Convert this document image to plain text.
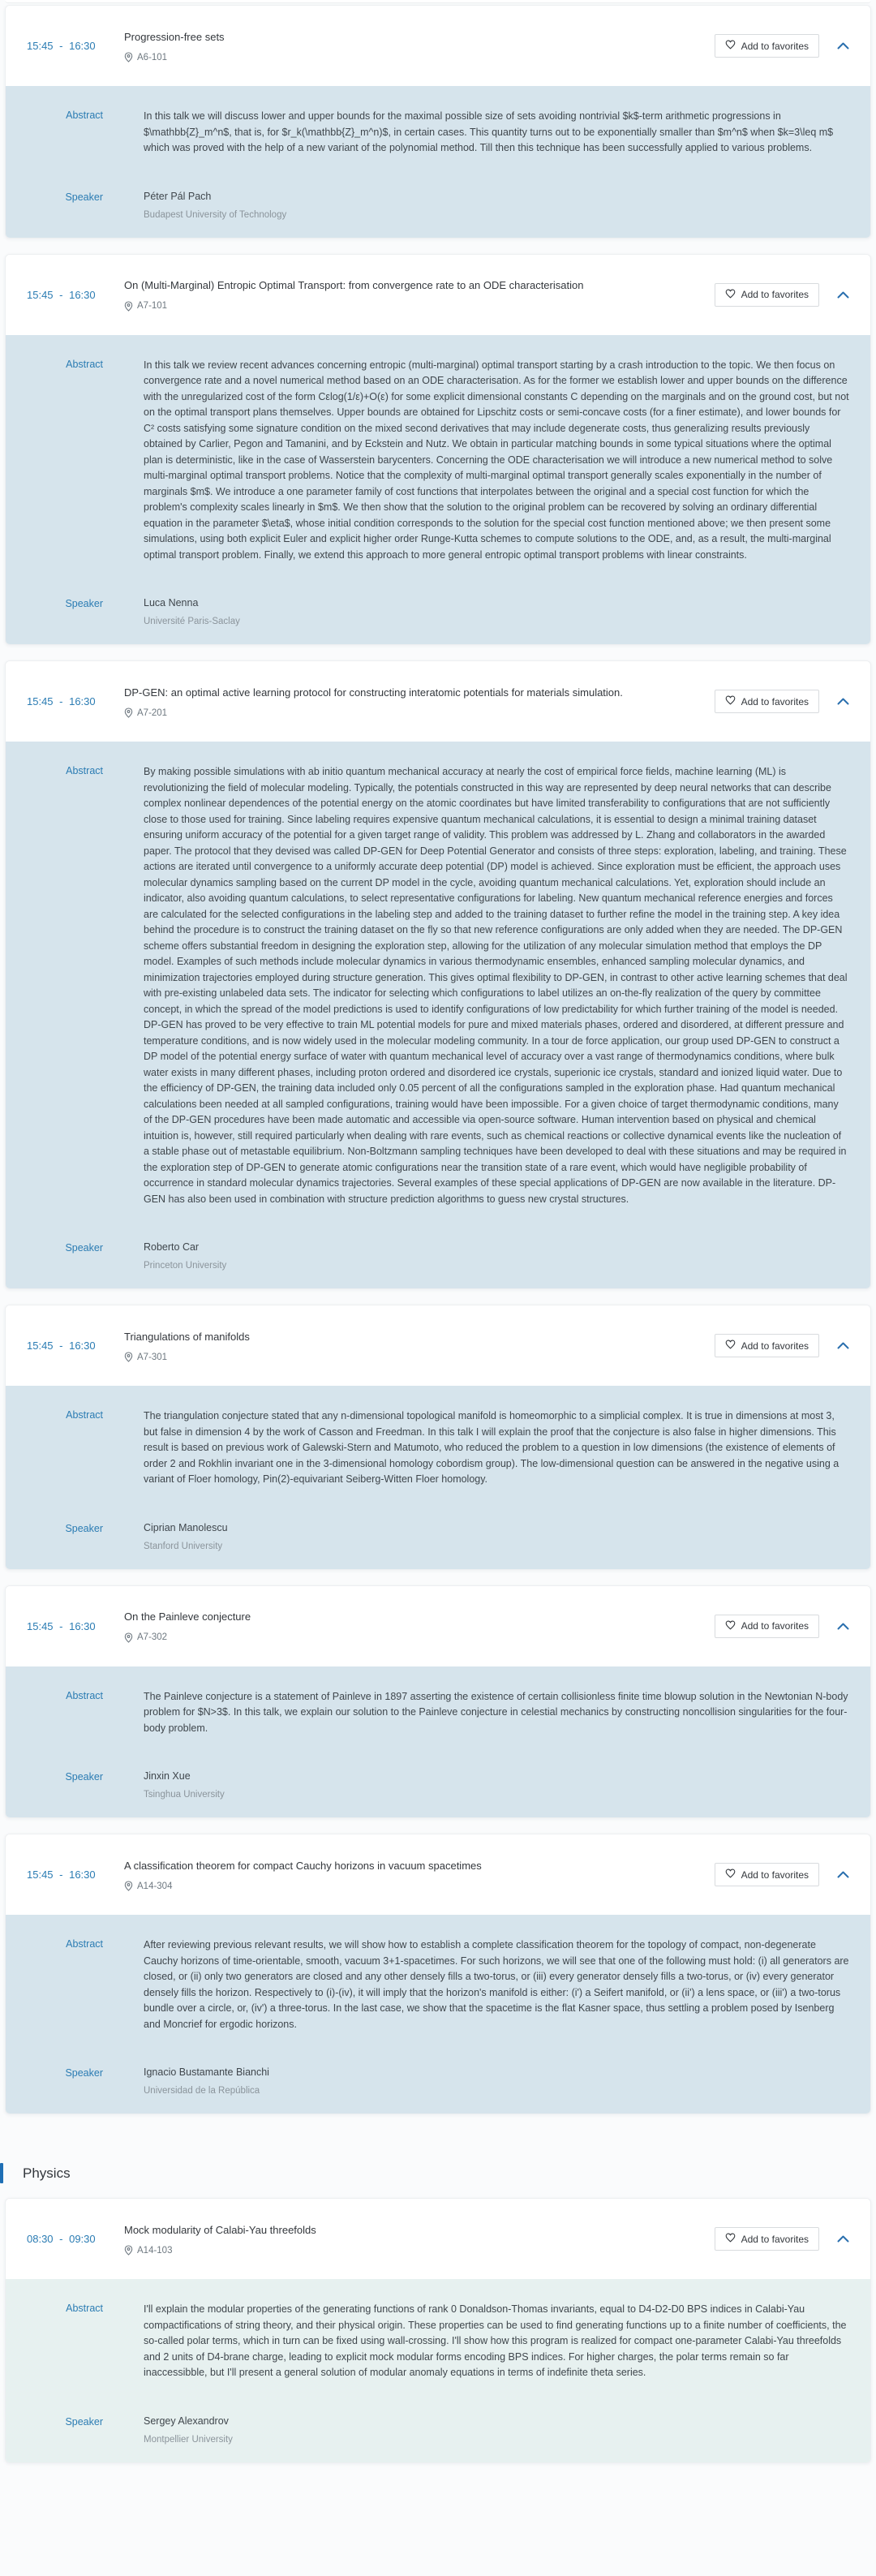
15:45 - 16:30
Progression-free sets
A6-101
Add to favorites
Abstract	In this talk we will discuss lower and upper bounds for the maximal possible size of sets avoiding nontrivial $k$-term arithmetic progressions in $\mathbb{Z}_m^n$, that is, for $r_k(\mathbb{Z}_m^n)$, in certain cases. This quantity turns out to be exponentially smaller than $m^n$ when $k=3\leq m$ which was proved with the help of a new variant of the polynomial method. Till then this technique has been successfully applied to various problems.
Speaker	Péter Pál Pach
Budapest University of Technology
15:45 - 16:30
On (Multi-Marginal) Entropic Optimal Transport: from convergence rate to an ODE characterisation
A7-101
Add to favorites
Abstract	In this talk we review recent advances concerning entropic (multi-marginal) optimal transport starting by a crash introduction to the topic. We then focus on convergence rate and a novel numerical method based on an ODE characterisation. As for the former we establish lower and upper bounds on the difference with the unregularized cost of the form Cεlog(1/ε)+O(ε) for some explicit dimensional constants C depending on the marginals and on the ground cost, but not on the optimal transport plans themselves. Upper bounds are obtained for Lipschitz costs or semi-concave costs (for a finer estimate), and lower bounds for C² costs satisfying some signature condition on the mixed second derivatives that may include degenerate costs, thus generalizing results previously obtained by Carlier, Pegon and Tamanini, and by Eckstein and Nutz. We obtain in particular matching bounds in some typical situations where the optimal plan is deterministic, like in the case of Wasserstein barycenters. Concerning the ODE characterisation we will introduce a new numerical method to solve multi-marginal optimal transport problems. Notice that the complexity of multi-marginal optimal transport generally scales exponentially in the number of marginals $m$. We introduce a one parameter family of cost functions that interpolates between the original and a special cost function for which the problem's complexity scales linearly in $m$. We then show that the solution to the original problem can be recovered by solving an ordinary differential equation in the parameter $\eta$, whose initial condition corresponds to the solution for the special cost function mentioned above; we then present some simulations, using both explicit Euler and explicit higher order Runge-Kutta schemes to compute solutions to the ODE, and, as a result, the multi-marginal optimal transport problem. Finally, we extend this approach to more general entropic optimal transport problems with linear constraints.
Speaker	Luca Nenna
Université Paris-Saclay
15:45 - 16:30
DP-GEN: an optimal active learning protocol for constructing interatomic potentials for materials simulation.
A7-201
Add to favorites
Abstract	By making possible simulations with ab initio quantum mechanical accuracy at nearly the cost of empirical force fields, machine learning (ML) is revolutionizing the field of molecular modeling. Typically, the potentials constructed in this way are represented by deep neural networks that can describe complex nonlinear dependences of the potential energy on the atomic coordinates but have limited transferability to configurations that are not sufficiently close to those used for training. Since labeling requires expensive quantum mechanical calculations, it is essential to design a minimal training dataset ensuring uniform accuracy of the potential for a given target range of validity. This problem was addressed by L. Zhang and collaborators in the awarded paper. The protocol that they devised was called DP-GEN for Deep Potential Generator and consists of three steps: exploration, labeling, and training. These actions are iterated until convergence to a uniformly accurate deep potential (DP) model is achieved. Since exploration must be efficient, the approach uses molecular dynamics sampling based on the current DP model in the cycle, avoiding quantum mechanical calculations. Yet, exploration should include an indicator, also avoiding quantum calculations, to select representative configurations for labeling. New quantum mechanical reference energies and forces are calculated for the selected configurations in the labeling step and added to the training dataset to further refine the model in the training step. A key idea behind the procedure is to construct the training dataset on the fly so that new reference configurations are only added when they are needed. The DP-GEN scheme offers substantial freedom in designing the exploration step, allowing for the utilization of any molecular simulation method that employs the DP model. Examples of such methods include molecular dynamics in various thermodynamic ensembles, enhanced sampling molecular dynamics, and minimization trajectories employed during structure generation. This gives optimal flexibility to DP-GEN, in contrast to other active learning schemes that deal with pre-existing unlabeled data sets. The indicator for selecting which configurations to label utilizes an on-the-fly realization of the query by committee concept, in which the spread of the model predictions is used to identify configurations of low predictability for which further training of the model is needed. DP-GEN has proved to be very effective to train ML potential models for pure and mixed materials phases, ordered and disordered, at different pressure and temperature conditions, and is now widely used in the molecular modeling community. In a tour de force application, our group used DP-GEN to construct a DP model of the potential energy surface of water with quantum mechanical level of accuracy over a vast range of thermodynamics conditions, where bulk water exists in many different phases, including proton ordered and disordered ice crystals, superionic ice crystals, standard and ionized liquid water. Due to the efficiency of DP-GEN, the training data included only 0.05 percent of all the configurations sampled in the exploration phase. Had quantum mechanical calculations been needed at all sampled configurations, training would have been impossible. For a given choice of target thermodynamic conditions, many of the DP-GEN procedures have been made automatic and accessible via open-source software. Human intervention based on physical and chemical intuition is, however, still required particularly when dealing with rare events, such as chemical reactions or collective dynamical events like the nucleation of a stable phase out of metastable equilibrium. Non-Boltzmann sampling techniques have been developed to deal with these situations and may be required in the exploration step of DP-GEN to generate atomic configurations near the transition state of a rare event, which would have negligible probability of occurrence in standard molecular dynamics trajectories. Several examples of these special applications of DP-GEN are now available in the literature. DP-GEN has also been used in combination with structure prediction algorithms to guess new crystal structures.
Speaker	Roberto Car
Princeton University
15:45 - 16:30
Triangulations of manifolds
A7-301
Add to favorites
Abstract	The triangulation conjecture stated that any n-dimensional topological manifold is homeomorphic to a simplicial complex. It is true in dimensions at most 3, but false in dimension 4 by the work of Casson and Freedman. In this talk I will explain the proof that the conjecture is also false in higher dimensions. This result is based on previous work of Galewski-Stern and Matumoto, who reduced the problem to a question in low dimensions (the existence of elements of order 2 and Rokhlin invariant one in the 3-dimensional homology cobordism group). The low-dimensional question can be answered in the negative using a variant of Floer homology, Pin(2)-equivariant Seiberg-Witten Floer homology.
Speaker	Ciprian Manolescu
Stanford University
15:45 - 16:30
On the Painleve conjecture
A7-302
Add to favorites
Abstract	The Painleve conjecture is a statement of Painleve in 1897 asserting the existence of certain collisionless finite time blowup solution in the Newtonian N-body problem for $N>3$. In this talk, we explain our solution to the Painleve conjecture in celestial mechanics by constructing noncollision singularities for the four-body problem.
Speaker	Jinxin Xue
Tsinghua University
15:45 - 16:30
A classification theorem for compact Cauchy horizons in vacuum spacetimes
A14-304
Add to favorites
Abstract	After reviewing previous relevant results, we will show how to establish a complete classification theorem for the topology of compact, non-degenerate Cauchy horizons of time-orientable, smooth, vacuum 3+1-spacetimes. For such horizons, we will see that one of the following must hold: (i) all generators are closed, or (ii) only two generators are closed and any other densely fills a two-torus, or (iii) every generator densely fills a two-torus, or (iv) every generator densely fills the horizon. Respectively to (i)-(iv), it will imply that the horizon's manifold is either: (i') a Seifert manifold, or (ii') a lens space, or (iii') a two-torus bundle over a circle, or, (iv') a three-torus. In the last case, we show that the spacetime is the flat Kasner space, thus settling a problem posed by Isenberg and Moncrief for ergodic horizons.
Speaker	Ignacio Bustamante Bianchi
Universidad de la República
Physics
08:30 - 09:30
Mock modularity of Calabi-Yau threefolds
A14-103
Add to favorites
Abstract	I'll explain the modular properties of the generating functions of rank 0 Donaldson-Thomas invariants, equal to D4-D2-D0 BPS indices in Calabi-Yau compactifications of string theory, and their physical origin. These properties can be used to find generating functions up to a finite number of coefficients, the so-called polar terms, which in turn can be fixed using wall-crossing. I'll show how this program is realized for compact one-parameter Calabi-Yau threefolds and 2 units of D4-brane charge, leading to explicit mock modular forms encoding BPS indices. For higher charges, the polar terms remain so far inaccessibble, but I'll present a general solution of modular anomaly equations in terms of indefinite theta series.
Speaker	Sergey Alexandrov
Montpellier University
